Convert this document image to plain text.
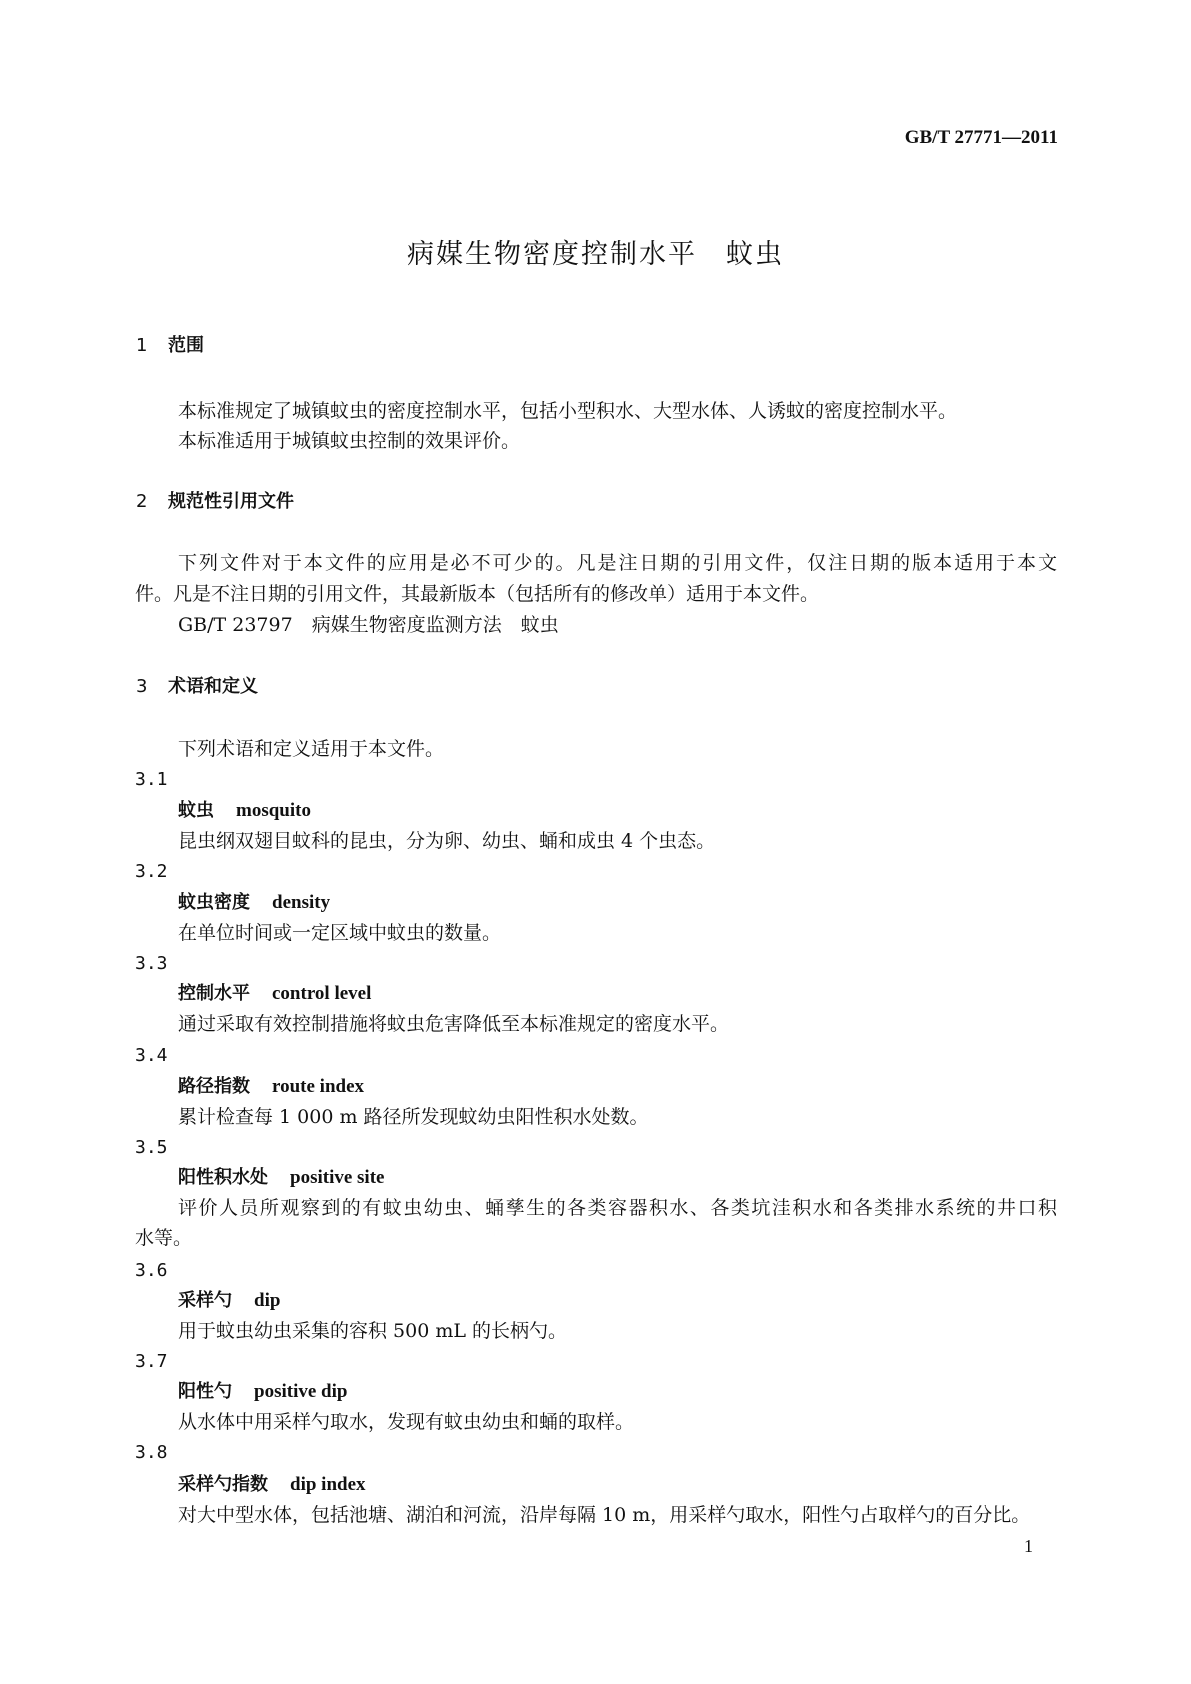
GB/T 27771—2011
病媒生物密度控制水平　蚊虫
1 范围
本标准规定了城镇蚊虫的密度控制水平，包括小型积水、大型水体、人诱蚊的密度控制水平。
本标准适用于城镇蚊虫控制的效果评价。
2 规范性引用文件
下列文件对于本文件的应用是必不可少的。凡是注日期的引用文件，仅注日期的版本适用于本文
件。凡是不注日期的引用文件，其最新版本（包括所有的修改单）适用于本文件。
GB/T 23797　病媒生物密度监测方法　蚊虫
3 术语和定义
下列术语和定义适用于本文件。
3.1
蚊虫 mosquito
昆虫纲双翅目蚊科的昆虫，分为卵、幼虫、蛹和成虫 4 个虫态。
3.2
蚊虫密度 density
在单位时间或一定区域中蚊虫的数量。
3.3
控制水平 control level
通过采取有效控制措施将蚊虫危害降低至本标准规定的密度水平。
3.4
路径指数 route index
累计检查每 1 000 m 路径所发现蚊幼虫阳性积水处数。
3.5
阳性积水处 positive site
评价人员所观察到的有蚊虫幼虫、蛹孳生的各类容器积水、各类坑洼积水和各类排水系统的井口积
水等。
3.6
采样勺 dip
用于蚊虫幼虫采集的容积 500 mL 的长柄勺。
3.7
阳性勺 positive dip
从水体中用采样勺取水，发现有蚊虫幼虫和蛹的取样。
3.8
采样勺指数 dip index
对大中型水体，包括池塘、湖泊和河流，沿岸每隔 10 m，用采样勺取水，阳性勺占取样勺的百分比。
1
